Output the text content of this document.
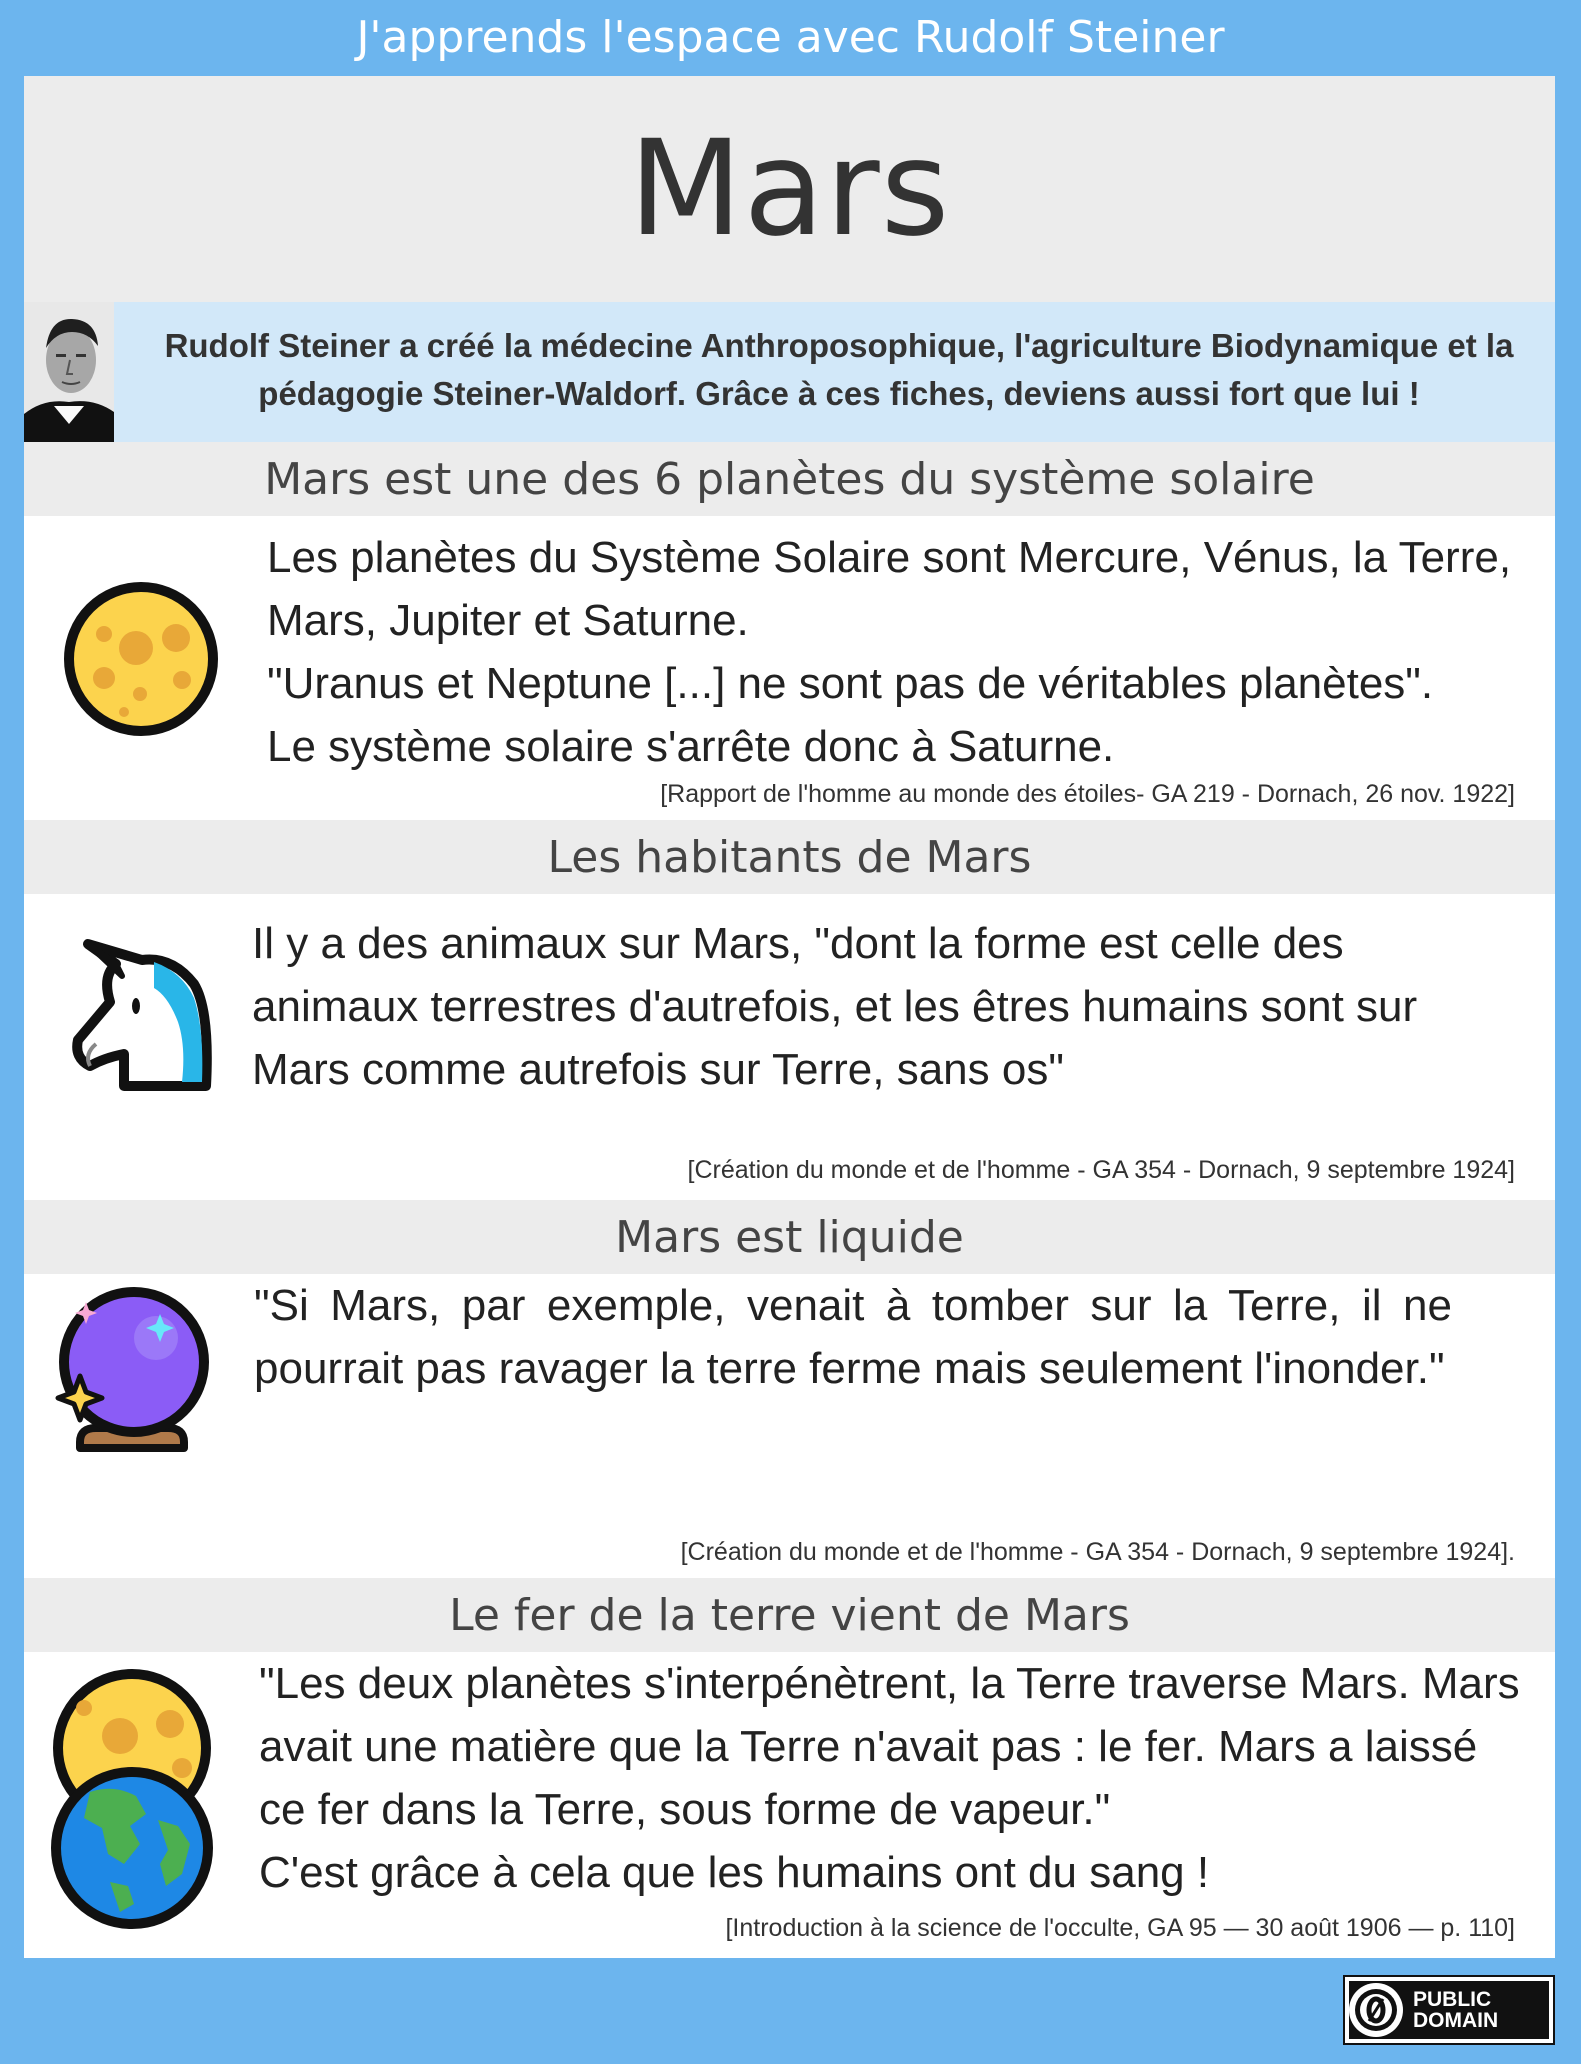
J'apprends l'espace avec Rudolf Steiner
Mars
Rudolf Steiner a créé la médecine Anthroposophique, l'agriculture Biodynamique et la pédagogie Steiner-Waldorf. Grâce à ces fiches, deviens aussi fort que lui !
Mars est une des 6 planètes du système solaire

Les planètes du Système Solaire sont Mercure, Vénus, la Terre, Mars, Jupiter et Saturne.

"Uranus et Neptune [...] ne sont pas de véritables planètes".

Le système solaire s'arrête donc à Saturne.

[Rapport de l'homme au monde des étoiles- GA 219 - Dornach, 26 nov. 1922]
Les habitants de Mars

Il y a des animaux sur Mars, "dont la forme est celle des animaux terrestres d'autrefois, et les êtres humains sont sur Mars comme autrefois sur Terre, sans os"

[Création du monde et de l'homme - GA 354 - Dornach, 9 septembre 1924]
Mars est liquide

"Si Mars, par exemple, venait à tomber sur la Terre, il ne pourrait pas ravager la terre ferme mais seulement l'inonder."

[Création du monde et de l'homme - GA 354 - Dornach, 9 septembre 1924].
Le fer de la terre vient de Mars

"Les deux planètes s'interpénètrent, la Terre traverse Mars. Mars avait une matière que la Terre n'avait pas : le fer. Mars a laissé ce fer dans la Terre, sous forme de vapeur."

C'est grâce à cela que les humains ont du sang !

[Introduction à la science de l'occulte, GA 95 — 30 août 1906 — p. 110]
PUBLIC
DOMAIN
